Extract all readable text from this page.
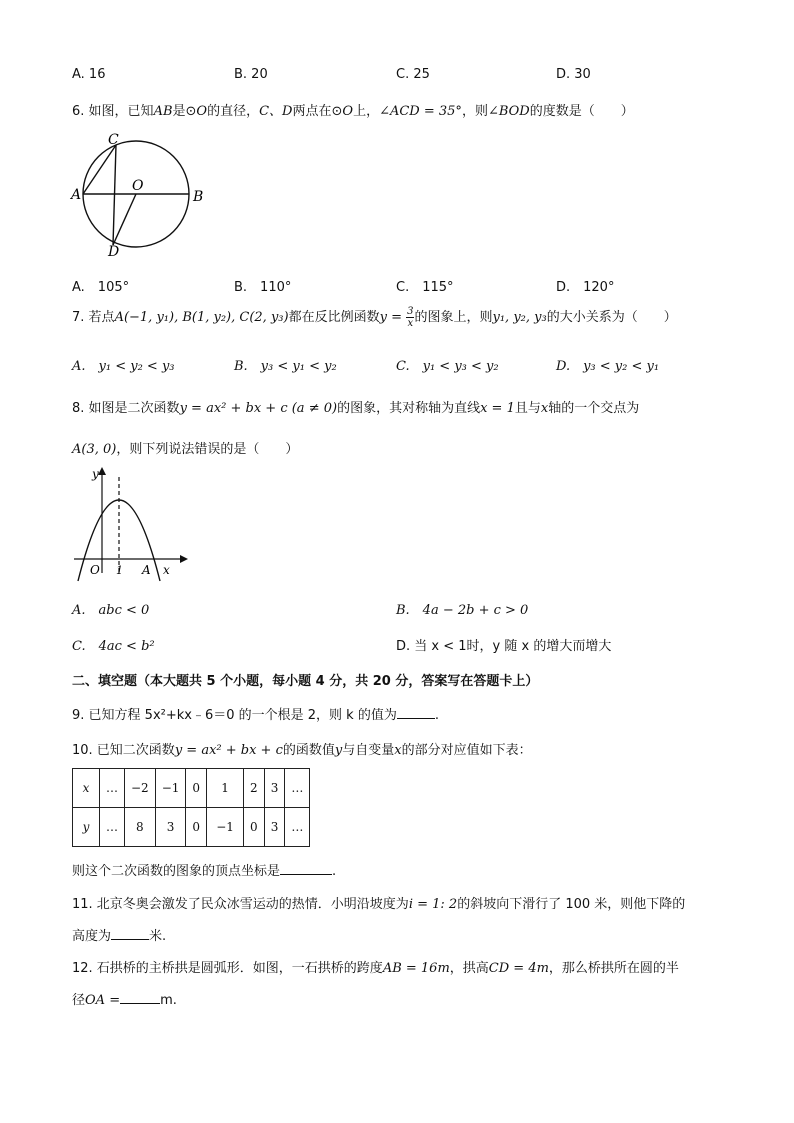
A. 16	B. 20	C. 25	D. 30
6. 如图，已知AB是⊙O的直径，C、D两点在⊙O上，∠ACD = 35°，则∠BOD的度数是（　　）
C
A
O
B
D
A.　105°	B.　110°	C.　115°	D.　120°
7. 若点A(−1, y₁), B(1, y₂), C(2, y₃)都在反比例函数$y = \frac{3}{x}$ 的图象上，则y₁, y₂, y₃的大小关系为（　　）
A.　y₁ < y₂ < y₃	B.　y₃ < y₁ < y₂	C.　y₁ < y₃ < y₂	D.　y₃ < y₂ < y₁
8. 如图是二次函数y = ax² + bx + c (a ≠ 0)的图象，其对称轴为直线x = 1且与x轴的一个交点为
A(3, 0)，则下列说法错误的是（　　）
y
O 1 A x
A.　abc < 0	B.　4a − 2b + c > 0
C.　4ac < b²	D. 当 x < 1时，y 随 x 的增大而增大
二、填空题（本大题共 5 个小题，每小题 4 分，共 20 分，答案写在答题卡上）
9. 已知方程 5x²+kx﹣6＝0 的一个根是 2，则 k 的值为	.
10. 已知二次函数y = ax² + bx + c的函数值y与自变量x的部分对应值如下表：
x	…	−2	−1	0	1	2	3	…
y	…	8	3	0	−1	0	3	…
则这个二次函数的图象的顶点坐标是	.
11. 北京冬奥会激发了民众冰雪运动的热情．小明沿坡度为i = 1: 2的斜坡向下滑行了 100 米，则他下降的
高度为	米.
12. 石拱桥的主桥拱是圆弧形．如图，一石拱桥的跨度AB = 16m，拱高CD = 4m，那么桥拱所在圆的半
径OA =	m.
